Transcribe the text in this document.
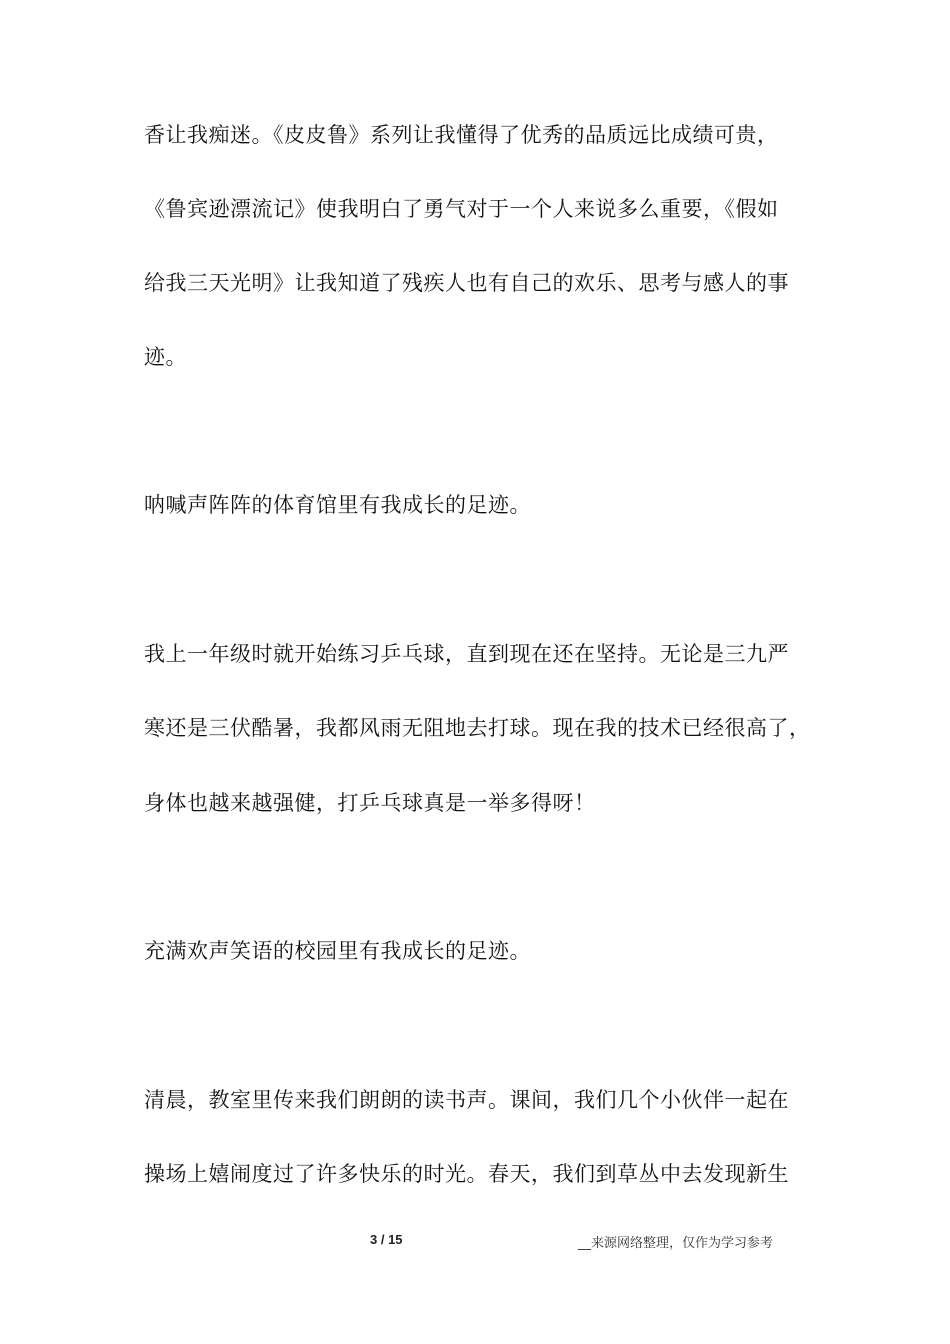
香让我痴迷。《皮皮鲁》系列让我懂得了优秀的品质远比成绩可贵，
《鲁宾逊漂流记》使我明白了勇气对于一个人来说多么重要，《假如
给我三天光明》让我知道了残疾人也有自己的欢乐、思考与感人的事
迹。
呐喊声阵阵的体育馆里有我成长的足迹。
我上一年级时就开始练习乒乓球，直到现在还在坚持。无论是三九严
寒还是三伏酷暑，我都风雨无阻地去打球。现在我的技术已经很高了，
身体也越来越强健，打乒乓球真是一举多得呀！
充满欢声笑语的校园里有我成长的足迹。
清晨，教室里传来我们朗朗的读书声。课间，我们几个小伙伴一起在
操场上嬉闹度过了许多快乐的时光。春天，我们到草丛中去发现新生
3 / 15	__来源网络整理，仅作为学习参考
